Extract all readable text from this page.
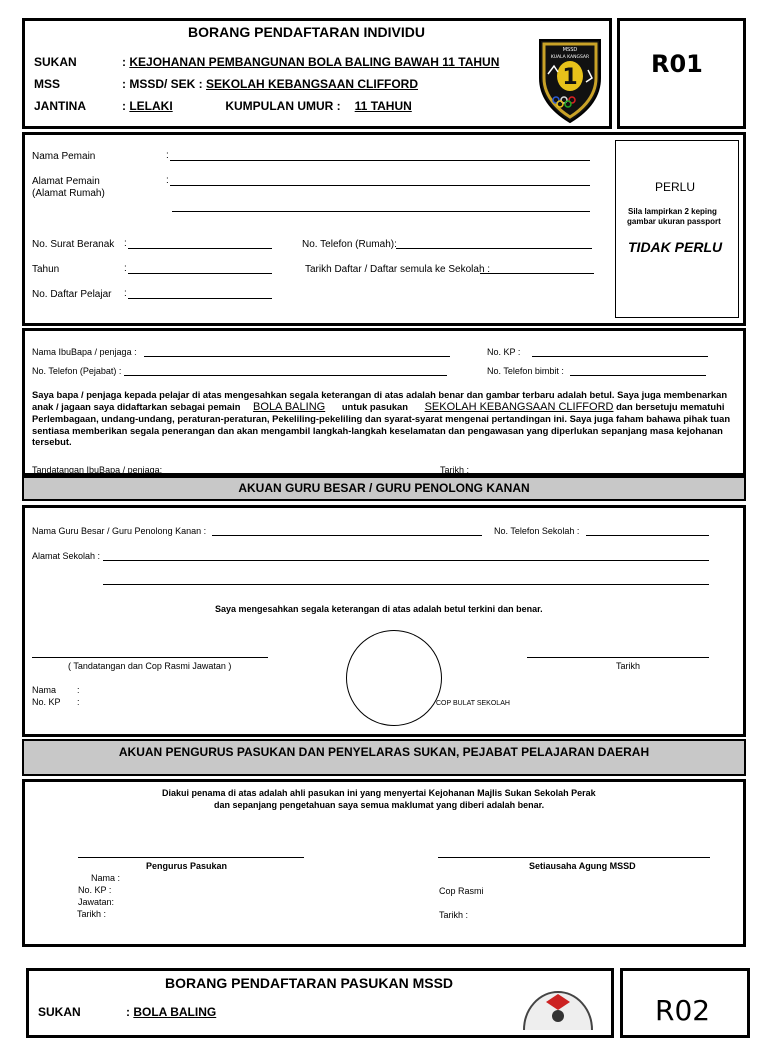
BORANG PENDAFTARAN INDIVIDU
SUKAN	: KEJOHANAN PEMBANGUNAN BOLA BALING BAWAH 11 TAHUN
MSS	: MSSD/ SEK : SEKOLAH KEBANGSAAN CLIFFORD
JANTINA	: LELAKI	KUMPULAN UMUR : 11 TAHUN
1
MSSD
KUALA KANGSAR	R01
Nama Pemain	:
Alamat Pemain
(Alamat Rumah)
:
No. Surat Beranak :	No. Telefon (Rumah):
Tahun	:	Tarikh Daftar / Daftar semula ke Sekolah :
No. Daftar Pelajar :
PERLU
Sila lampirkan 2 keping
gambar ukuran passport
TIDAK PERLU
Nama IbuBapa / penjaga :	No. KP :
No. Telefon (Pejabat) :	No. Telefon bimbit :
Saya bapa / penjaga kepada pelajar di atas mengesahkan segala keterangan di atas adalah benar dan gambar terbaru adalah betul. Saya juga membenarkan
anak / jagaan saya didaftarkan sebagai pemain BOLA BALING untuk pasukan SEKOLAH KEBANGSAAN CLIFFORD dan bersetuju mematuhi
Perlembagaan, undang-undang, peraturan-peraturan, Pekeliling-pekeliling dan syarat-syarat mengenai pertandingan ini. Saya juga faham bahawa pihak tuan
sentiasa memberikan segala penerangan dan akan mengambil langkah-langkah keselamatan dan pengawasan yang diperlukan sepanjang masa kejohanan
tersebut.
Tandatangan IbuBapa / penjaga:	Tarikh :
AKUAN GURU BESAR / GURU PENOLONG KANAN
Nama Guru Besar / Guru Penolong Kanan :	No. Telefon Sekolah :
Alamat Sekolah :
Saya mengesahkan segala keterangan di atas adalah betul terkini dan benar.
( Tandatangan dan Cop Rasmi Jawatan )
COP BULAT SEKOLAH
Tarikh
Nama :
No. KP :
AKUAN PENGURUS PASUKAN DAN PENYELARAS SUKAN, PEJABAT PELAJARAN DAERAH
Diakui penama di atas adalah ahli pasukan ini yang menyertai Kejohanan Majlis Sukan Sekolah Perak
dan sepanjang pengetahuan saya semua maklumat yang diberi adalah benar.
Pengurus Pasukan	Setiausaha Agung MSSD
Nama :
No. KP :
Jawatan:
Tarikh :
Cop Rasmi
Tarikh :
BORANG PENDAFTARAN PASUKAN MSSD
SUKAN	: BOLA BALING	R02
